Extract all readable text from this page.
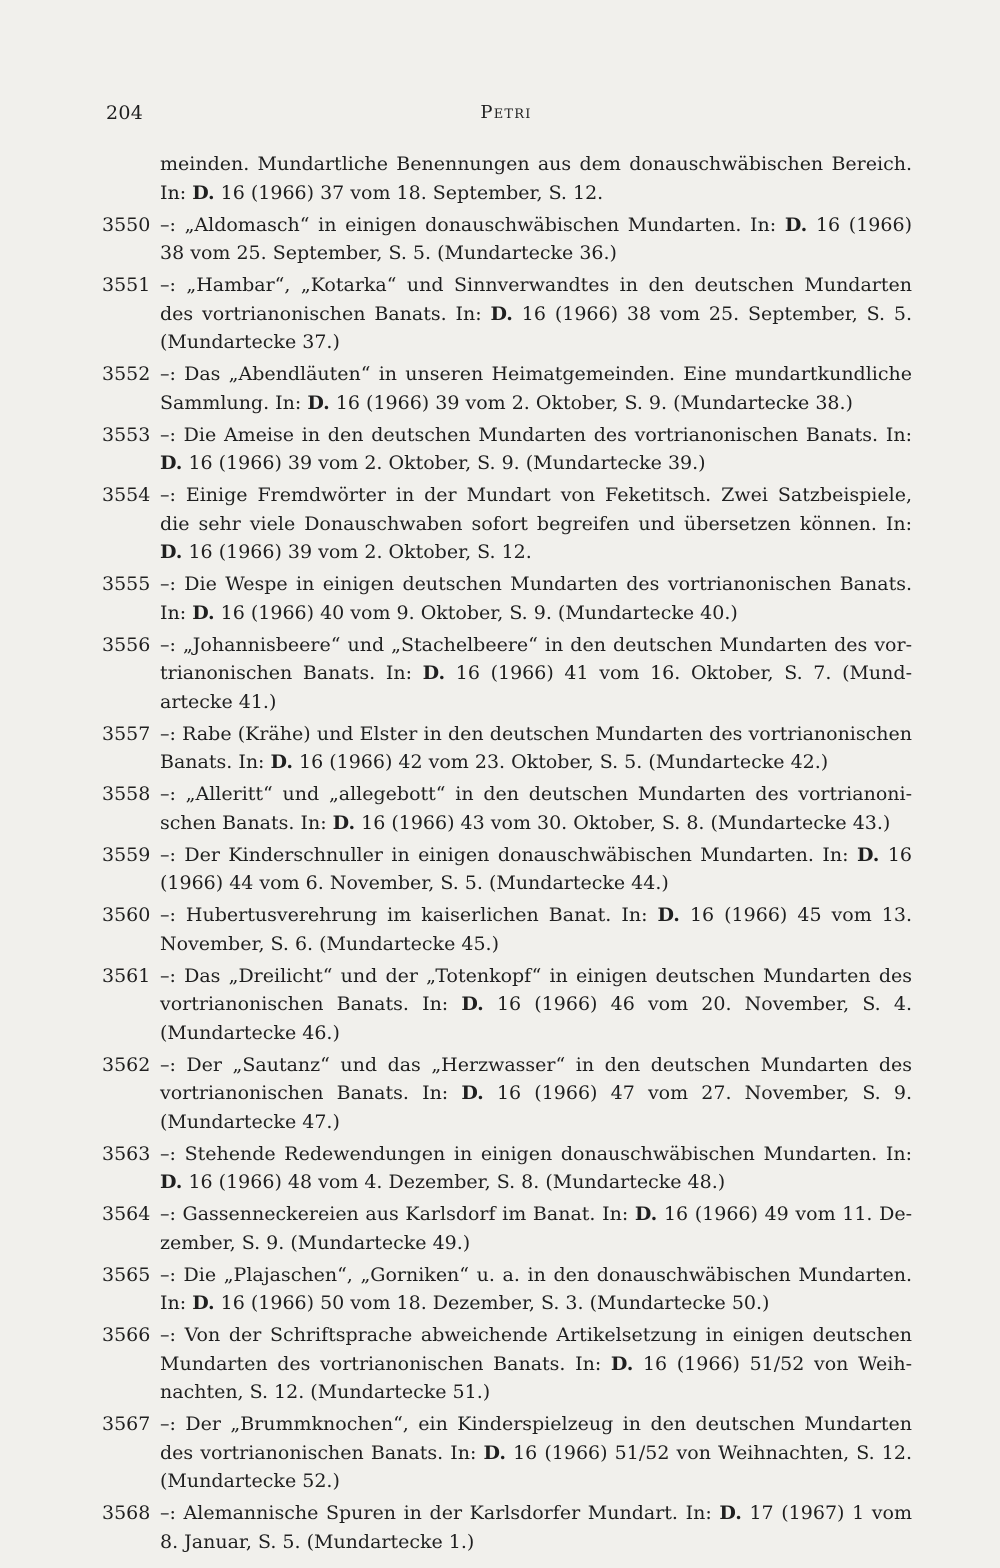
204	Petri
meinden. Mundartliche Benennungen aus dem donauschwäbischen Bereich. In: D. 16 (1966) 37 vom 18. September, S. 12.
3550 –: „Aldomasch“ in einigen donauschwäbischen Mundarten. In: D. 16 (1966) 38 vom 25. September, S. 5. (Mundartecke 36.)
3551 –: „Hambar“, „Kotarka“ und Sinnverwandtes in den deutschen Mundarten des vortrianonischen Banats. In: D. 16 (1966) 38 vom 25. September, S. 5. (Mundartecke 37.)
3552 –: Das „Abendläuten“ in unseren Heimatgemeinden. Eine mundartkundliche Sammlung. In: D. 16 (1966) 39 vom 2. Oktober, S. 9. (Mundartecke 38.)
3553 –: Die Ameise in den deutschen Mundarten des vortrianonischen Banats. In: D. 16 (1966) 39 vom 2. Oktober, S. 9. (Mundartecke 39.)
3554 –: Einige Fremdwörter in der Mundart von Feketitsch. Zwei Satzbeispiele, die sehr viele Donauschwaben sofort begreifen und übersetzen können. In: D. 16 (1966) 39 vom 2. Oktober, S. 12.
3555 –: Die Wespe in einigen deutschen Mundarten des vortrianonischen Banats. In: D. 16 (1966) 40 vom 9. Oktober, S. 9. (Mundartecke 40.)
3556 –: „Johannisbeere“ und „Stachelbeere“ in den deutschen Mundarten des vor-trianonischen Banats. In: D. 16 (1966) 41 vom 16. Oktober, S. 7. (Mund-artecke 41.)
3557 –: Rabe (Krähe) und Elster in den deutschen Mundarten des vortrianonischen Banats. In: D. 16 (1966) 42 vom 23. Oktober, S. 5. (Mundartecke 42.)
3558 –: „Alleritt“ und „allegebott“ in den deutschen Mundarten des vortrianoni-schen Banats. In: D. 16 (1966) 43 vom 30. Oktober, S. 8. (Mundartecke 43.)
3559 –: Der Kinderschnuller in einigen donauschwäbischen Mundarten. In: D. 16 (1966) 44 vom 6. November, S. 5. (Mundartecke 44.)
3560 –: Hubertusverehrung im kaiserlichen Banat. In: D. 16 (1966) 45 vom 13. November, S. 6. (Mundartecke 45.)
3561 –: Das „Dreilicht“ und der „Totenkopf“ in einigen deutschen Mundarten des vortrianonischen Banats. In: D. 16 (1966) 46 vom 20. November, S. 4. (Mundartecke 46.)
3562 –: Der „Sautanz“ und das „Herzwasser“ in den deutschen Mundarten des vortrianonischen Banats. In: D. 16 (1966) 47 vom 27. November, S. 9. (Mundartecke 47.)
3563 –: Stehende Redewendungen in einigen donauschwäbischen Mundarten. In: D. 16 (1966) 48 vom 4. Dezember, S. 8. (Mundartecke 48.)
3564 –: Gassenneckereien aus Karlsdorf im Banat. In: D. 16 (1966) 49 vom 11. De-zember, S. 9. (Mundartecke 49.)
3565 –: Die „Plajaschen“, „Gorniken“ u. a. in den donauschwäbischen Mundarten. In: D. 16 (1966) 50 vom 18. Dezember, S. 3. (Mundartecke 50.)
3566 –: Von der Schriftsprache abweichende Artikelsetzung in einigen deutschen Mundarten des vortrianonischen Banats. In: D. 16 (1966) 51/52 von Weih-nachten, S. 12. (Mundartecke 51.)
3567 –: Der „Brummknochen“, ein Kinderspielzeug in den deutschen Mundarten des vortrianonischen Banats. In: D. 16 (1966) 51/52 von Weihnachten, S. 12. (Mundartecke 52.)
3568 –: Alemannische Spuren in der Karlsdorfer Mundart. In: D. 17 (1967) 1 vom 8. Januar, S. 5. (Mundartecke 1.)
